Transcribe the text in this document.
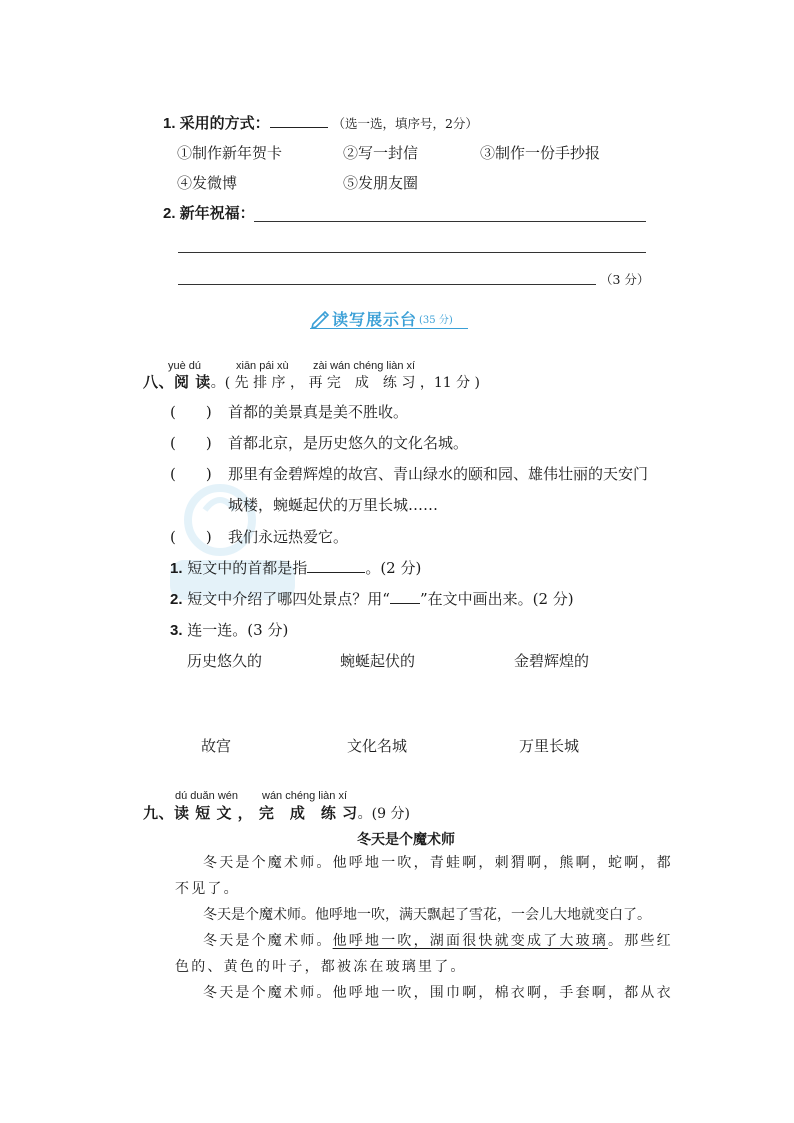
1. 采用的方式：	（选一选，填序号，2分）
①制作新年贺卡	②写一封信	③制作一份手抄报
④发微博	⑤发朋友圈
2. 新年祝福：
（3 分）
读写展示台 (35 分)
yuè dú	xiān pái xù zài wán chéng liàn xí
八、阅 读。( 先 排 序 ， 再 完　成　练 习 ，11 分 )
(　　) 首都的美景真是美不胜收。
(　　) 首都北京，是历史悠久的文化名城。
(　　) 那里有金碧辉煌的故宫、青山绿水的颐和园、雄伟壮丽的天安门
城楼，蜿蜒起伏的万里长城……
(　　) 我们永远热爱它。
1. 短文中的首都是指	。(2 分)
2. 短文中介绍了哪四处景点？用“ ”在文中画出来。(2 分)
3. 连一连。(3 分)
历史悠久的	蜿蜒起伏的	金碧辉煌的
故宫	文化名城	万里长城
dú duǎn wén wán chéng liàn xí
九、读 短 文 ， 完　成　练 习。(9 分)
冬天是个魔术师
冬天是个魔术师。他呼地一吹，青蛙啊，刺猬啊，熊啊，蛇啊，都
不见了。
冬天是个魔术师。他呼地一吹，满天飘起了雪花，一会儿大地就变白了。
冬天是个魔术师。他呼地一吹，湖面很快就变成了大玻璃。那些红
色的、黄色的叶子，都被冻在玻璃里了。
冬天是个魔术师。他呼地一吹，围巾啊，棉衣啊，手套啊，都从衣
